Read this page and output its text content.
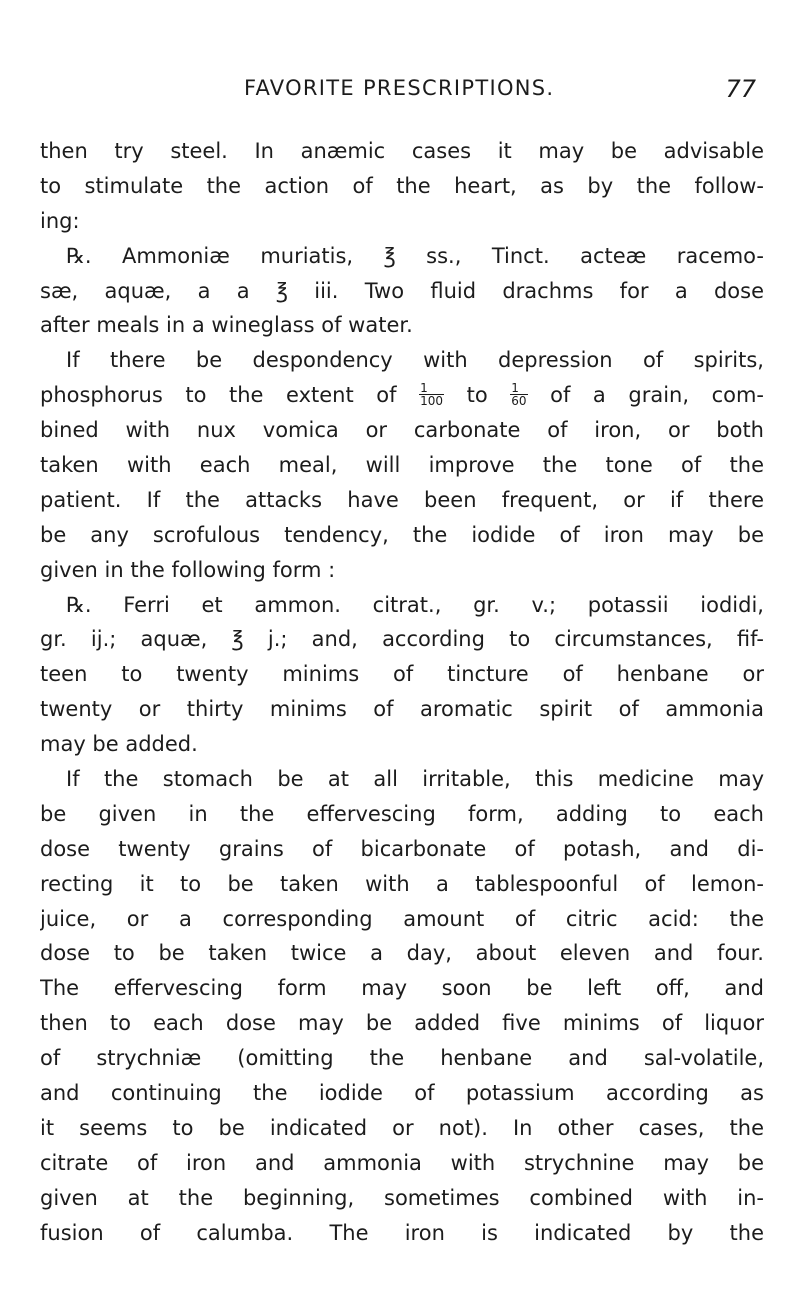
FAVORITE PRESCRIPTIONS.	77
then try steel. In anæmic cases it may be advisable
to stimulate the action of the heart, as by the follow-
ing:
℞. Ammoniæ muriatis, ℥ ss., Tinct. acteæ racemo-
sæ, aquæ, a a ℥ iii. Two fluid drachms for a dose
after meals in a wineglass of water.
If there be despondency with depression of spirits,
phosphorus to the extent of $\frac{1}{100}$ to $\frac{1}{60}$ of a grain, com-
bined with nux vomica or carbonate of iron, or both
taken with each meal, will improve the tone of the
patient. If the attacks have been frequent, or if there
be any scrofulous tendency, the iodide of iron may be
given in the following form :
℞. Ferri et ammon. citrat., gr. v.; potassii iodidi,
gr. ij.; aquæ, ℥ j.; and, according to circumstances, fif-
teen to twenty minims of tincture of henbane or
twenty or thirty minims of aromatic spirit of ammonia
may be added.
If the stomach be at all irritable, this medicine may
be given in the effervescing form, adding to each
dose twenty grains of bicarbonate of potash, and di-
recting it to be taken with a tablespoonful of lemon-
juice, or a corresponding amount of citric acid: the
dose to be taken twice a day, about eleven and four.
The effervescing form may soon be left off, and
then to each dose may be added five minims of liquor
of strychniæ (omitting the henbane and sal-volatile,
and continuing the iodide of potassium according as
it seems to be indicated or not). In other cases, the
citrate of iron and ammonia with strychnine may be
given at the beginning, sometimes combined with in-
fusion of calumba. The iron is indicated by the
